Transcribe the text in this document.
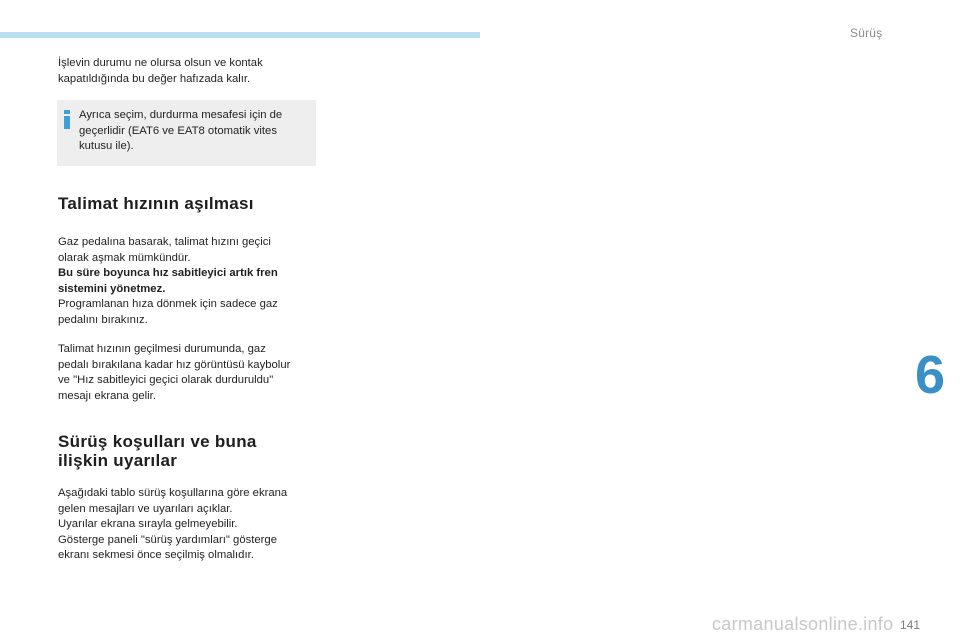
Sürüş

İşlevin durumu ne olursa olsun ve kontak
kapatıldığında bu değer hafızada kalır.

Ayrıca seçim, durdurma mesafesi için de
geçerlidir (EAT6 ve EAT8 otomatik vites
kutusu ile).

Talimat hızının aşılması

Gaz pedalına basarak, talimat hızını geçici
olarak aşmak mümkündür.
Bu süre boyunca hız sabitleyici artık fren
sistemini yönetmez.
Programlanan hıza dönmek için sadece gaz
pedalını bırakınız.

Talimat hızının geçilmesi durumunda, gaz
pedalı bırakılana kadar hız görüntüsü kaybolur
ve "Hız sabitleyici geçici olarak durduruldu"
mesajı ekrana gelir.

Sürüş koşulları ve buna
ilişkin uyarılar

Aşağıdaki tablo sürüş koşullarına göre ekrana
gelen mesajları ve uyarıları açıklar.
Uyarılar ekrana sırayla gelmeyebilir.
Gösterge paneli "sürüş yardımları" gösterge
ekranı sekmesi önce seçilmiş olmalıdır.

6
carmanualsonline.info 141
